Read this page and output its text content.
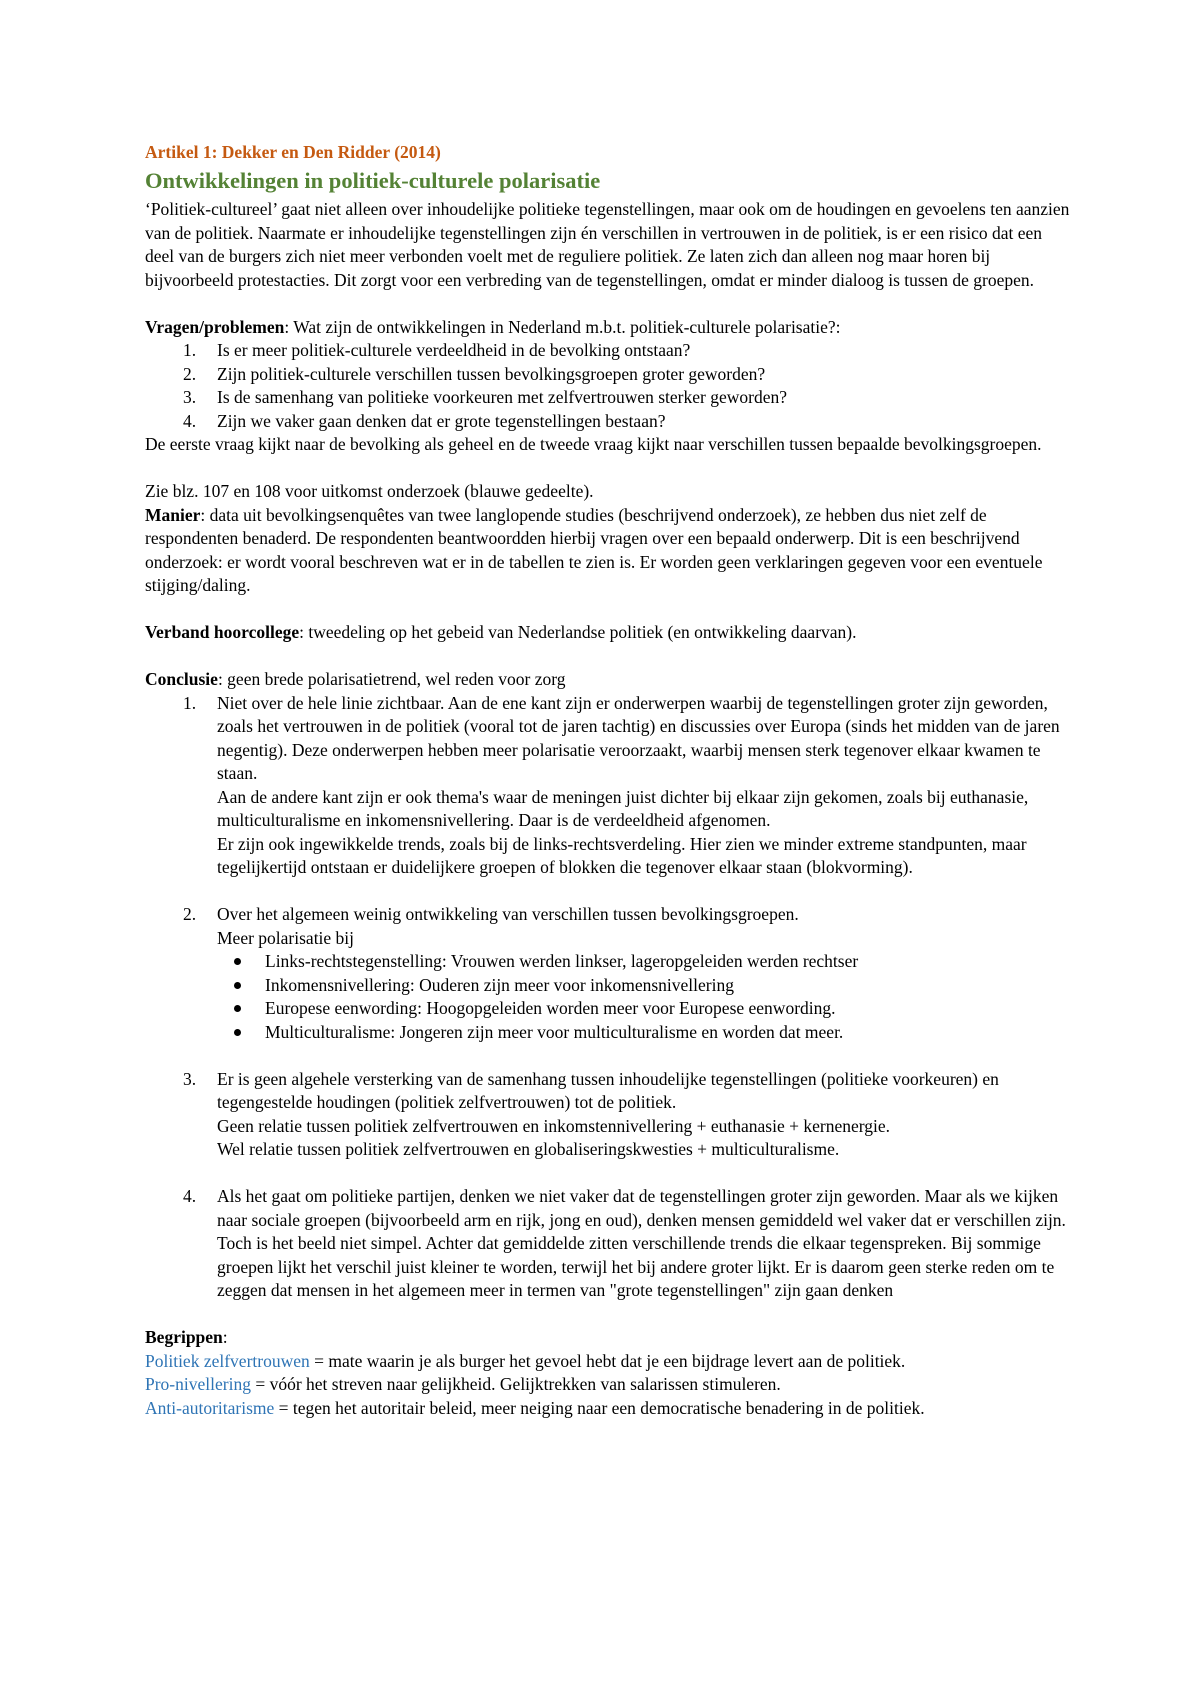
Artikel 1: Dekker en Den Ridder (2014)
Ontwikkelingen in politiek-culturele polarisatie

‘Politiek-cultureel’ gaat niet alleen over inhoudelijke politieke tegenstellingen, maar ook om de houdingen en gevoelens ten aanzien van de politiek. Naarmate er inhoudelijke tegenstellingen zijn én verschillen in vertrouwen in de politiek, is er een risico dat een deel van de burgers zich niet meer verbonden voelt met de reguliere politiek. Ze laten zich dan alleen nog maar horen bij bijvoorbeeld protestacties. Dit zorgt voor een verbreding van de tegenstellingen, omdat er minder dialoog is tussen de groepen.

Vragen/problemen: Wat zijn de ontwikkelingen in Nederland m.b.t. politiek-culturele polarisatie?:

1. Is er meer politiek-culturele verdeeldheid in de bevolking ontstaan?
2. Zijn politiek-culturele verschillen tussen bevolkingsgroepen groter geworden?
3. Is de samenhang van politieke voorkeuren met zelfvertrouwen sterker geworden?
4. Zijn we vaker gaan denken dat er grote tegenstellingen bestaan?

De eerste vraag kijkt naar de bevolking als geheel en de tweede vraag kijkt naar verschillen tussen bepaalde bevolkingsgroepen.

Zie blz. 107 en 108 voor uitkomst onderzoek (blauwe gedeelte).

Manier: data uit bevolkingsenquêtes van twee langlopende studies (beschrijvend onderzoek), ze hebben dus niet zelf de respondenten benaderd. De respondenten beantwoordden hierbij vragen over een bepaald onderwerp. Dit is een beschrijvend onderzoek: er wordt vooral beschreven wat er in de tabellen te zien is. Er worden geen verklaringen gegeven voor een eventuele stijging/daling.

Verband hoorcollege: tweedeling op het gebeid van Nederlandse politiek (en ontwikkeling daarvan).

Conclusie: geen brede polarisatietrend, wel reden voor zorg

1. Niet over de hele linie zichtbaar. Aan de ene kant zijn er onderwerpen waarbij de tegenstellingen groter zijn geworden, zoals het vertrouwen in de politiek (vooral tot de jaren tachtig) en discussies over Europa (sinds het midden van de jaren negentig). Deze onderwerpen hebben meer polarisatie veroorzaakt, waarbij mensen sterk tegenover elkaar kwamen te staan.
Aan de andere kant zijn er ook thema's waar de meningen juist dichter bij elkaar zijn gekomen, zoals bij euthanasie, multiculturalisme en inkomensnivellering. Daar is de verdeeldheid afgenomen.
Er zijn ook ingewikkelde trends, zoals bij de links-rechtsverdeling. Hier zien we minder extreme standpunten, maar tegelijkertijd ontstaan er duidelijkere groepen of blokken die tegenover elkaar staan (blokvorming).
2. Over het algemeen weinig ontwikkeling van verschillen tussen bevolkingsgroepen.
Meer polarisatie bij
Links-rechtstegenstelling: Vrouwen werden linkser, lageropgeleiden werden rechtser
Inkomensnivellering: Ouderen zijn meer voor inkomensnivellering
Europese eenwording: Hoogopgeleiden worden meer voor Europese eenwording.
Multiculturalisme: Jongeren zijn meer voor multiculturalisme en worden dat meer.
3. Er is geen algehele versterking van de samenhang tussen inhoudelijke tegenstellingen (politieke voorkeuren) en tegengestelde houdingen (politiek zelfvertrouwen) tot de politiek.
Geen relatie tussen politiek zelfvertrouwen en inkomstennivellering + euthanasie + kernenergie.
Wel relatie tussen politiek zelfvertrouwen en globaliseringskwesties + multiculturalisme.
4. Als het gaat om politieke partijen, denken we niet vaker dat de tegenstellingen groter zijn geworden. Maar als we kijken naar sociale groepen (bijvoorbeeld arm en rijk, jong en oud), denken mensen gemiddeld wel vaker dat er verschillen zijn.
Toch is het beeld niet simpel. Achter dat gemiddelde zitten verschillende trends die elkaar tegenspreken. Bij sommige groepen lijkt het verschil juist kleiner te worden, terwijl het bij andere groter lijkt. Er is daarom geen sterke reden om te zeggen dat mensen in het algemeen meer in termen van "grote tegenstellingen" zijn gaan denken

Begrippen:

Politiek zelfvertrouwen = mate waarin je als burger het gevoel hebt dat je een bijdrage levert aan de politiek.

Pro-nivellering = vóór het streven naar gelijkheid. Gelijktrekken van salarissen stimuleren.

Anti-autoritarisme = tegen het autoritair beleid, meer neiging naar een democratische benadering in de politiek.
